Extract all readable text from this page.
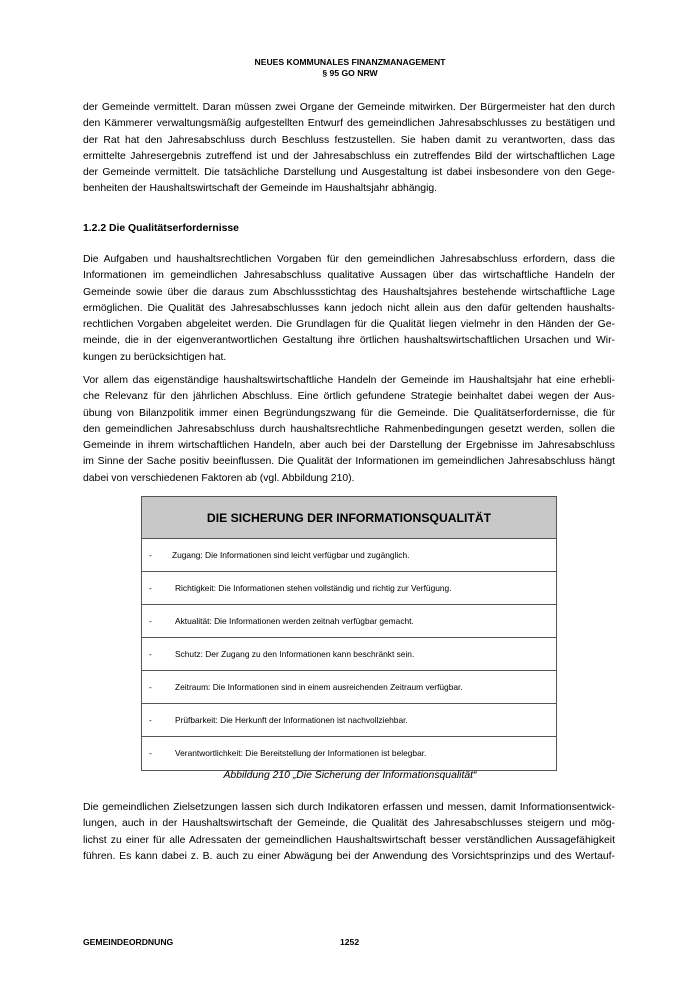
NEUES KOMMUNALES FINANZMANAGEMENT
§ 95 GO NRW
der Gemeinde vermittelt. Daran müssen zwei Organe der Gemeinde mitwirken. Der Bürgermeister hat den durch
den Kämmerer verwaltungsmäßig aufgestellten Entwurf des gemeindlichen Jahresabschlusses zu bestätigen und
der Rat hat den Jahresabschluss durch Beschluss festzustellen. Sie haben damit zu verantworten, dass das
ermittelte Jahresergebnis zutreffend ist und der Jahresabschluss ein zutreffendes Bild der wirtschaftlichen Lage
der Gemeinde vermittelt. Die tatsächliche Darstellung und Ausgestaltung ist dabei insbesondere von den Gege-
benheiten der Haushaltswirtschaft der Gemeinde im Haushaltsjahr abhängig.
1.2.2 Die Qualitätserfordernisse
Die Aufgaben und haushaltsrechtlichen Vorgaben für den gemeindlichen Jahresabschluss erfordern, dass die
Informationen im gemeindlichen Jahresabschluss qualitative Aussagen über das wirtschaftliche Handeln der
Gemeinde sowie über die daraus zum Abschlussstichtag des Haushaltsjahres bestehende wirtschaftliche Lage
ermöglichen. Die Qualität des Jahresabschlusses kann jedoch nicht allein aus den dafür geltenden haushalts-
rechtlichen Vorgaben abgeleitet werden. Die Grundlagen für die Qualität liegen vielmehr in den Händen der Ge-
meinde, die in der eigenverantwortlichen Gestaltung ihre örtlichen haushaltswirtschaftlichen Ursachen und Wir-
kungen zu berücksichtigen hat.
Vor allem das eigenständige haushaltswirtschaftliche Handeln der Gemeinde im Haushaltsjahr hat eine erhebli-
che Relevanz für den jährlichen Abschluss. Eine örtlich gefundene Strategie beinhaltet dabei wegen der Aus-
übung von Bilanzpolitik immer einen Begründungszwang für die Gemeinde. Die Qualitätserfordernisse, die für
den gemeindlichen Jahresabschluss durch haushaltsrechtliche Rahmenbedingungen gesetzt werden, sollen die
Gemeinde in ihrem wirtschaftlichen Handeln, aber auch bei der Darstellung der Ergebnisse im Jahresabschluss
im Sinne der Sache positiv beeinflussen. Die Qualität der Informationen im gemeindlichen Jahresabschluss hängt
dabei von verschiedenen Faktoren ab (vgl. Abbildung 210).
DIE SICHERUNG DER INFORMATIONSQUALITÄT
- Zugang: Die Informationen sind leicht verfügbar und zugänglich.
-	Richtigkeit: Die Informationen stehen vollständig und richtig zur Verfügung.
-	Aktualität: Die Informationen werden zeitnah verfügbar gemacht.
-	Schutz: Der Zugang zu den Informationen kann beschränkt sein.
-	Zeitraum: Die Informationen sind in einem ausreichenden Zeitraum verfügbar.
-	Prüfbarkeit: Die Herkunft der Informationen ist nachvollziehbar.
-	Verantwortlichkeit: Die Bereitstellung der Informationen ist belegbar.
Abbildung 210 „Die Sicherung der Informationsqualität“
Die gemeindlichen Zielsetzungen lassen sich durch Indikatoren erfassen und messen, damit Informationsentwick-
lungen, auch in der Haushaltswirtschaft der Gemeinde, die Qualität des Jahresabschlusses steigern und mög-
lichst zu einer für alle Adressaten der gemeindlichen Haushaltswirtschaft besser verständlichen Aussagefähigkeit
führen. Es kann dabei z. B. auch zu einer Abwägung bei der Anwendung des Vorsichtsprinzips und des Wertauf-
GEMEINDEORDNUNG	1252
